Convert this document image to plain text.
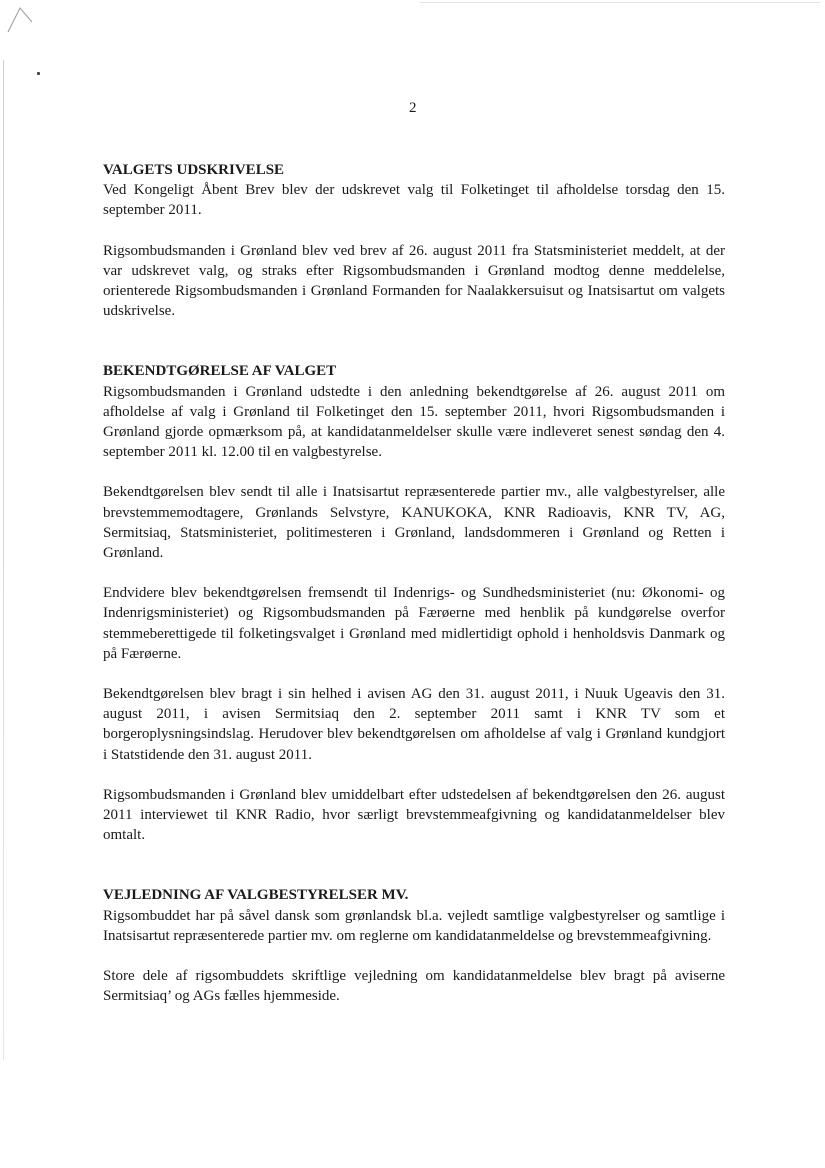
2
VALGETS UDSKRIVELSE

Ved Kongeligt Åbent Brev blev der udskrevet valg til Folketinget til afholdelse torsdag den 15. september 2011.

Rigsombudsmanden i Grønland blev ved brev af 26. august 2011 fra Statsministeriet meddelt, at der var udskrevet valg, og straks efter Rigsombudsmanden i Grønland modtog denne meddelelse, orienterede Rigsombudsmanden i Grønland Formanden for Naalakkersuisut og Inatsisartut om valgets udskrivelse.

BEKENDTGØRELSE AF VALGET

Rigsombudsmanden i Grønland udstedte i den anledning bekendtgørelse af 26. august 2011 om afholdelse af valg i Grønland til Folketinget den 15. september 2011, hvori Rigsombudsmanden i Grønland gjorde opmærksom på, at kandidatanmeldelser skulle være indleveret senest søndag den 4. september 2011 kl. 12.00 til en valgbestyrelse.

Bekendtgørelsen blev sendt til alle i Inatsisartut repræsenterede partier mv., alle valgbestyrelser, alle brevstemmemodtagere, Grønlands Selvstyre, KANUKOKA, KNR Radioavis, KNR TV, AG, Sermitsiaq, Statsministeriet, politimesteren i Grønland, landsdommeren i Grønland og Retten i Grønland.

Endvidere blev bekendtgørelsen fremsendt til Indenrigs- og Sundhedsministeriet (nu: Økonomi- og Indenrigsministeriet) og Rigsombudsmanden på Færøerne med henblik på kundgørelse overfor stemmeberettigede til folketingsvalget i Grønland med midlertidigt ophold i henholdsvis Danmark og på Færøerne.

Bekendtgørelsen blev bragt i sin helhed i avisen AG den 31. august 2011, i Nuuk Ugeavis den 31. august 2011, i avisen Sermitsiaq den 2. september 2011 samt i KNR TV som et borgeroplysningsindslag. Herudover blev bekendtgørelsen om afholdelse af valg i Grønland kundgjort i Statstidende den 31. august 2011.

Rigsombudsmanden i Grønland blev umiddelbart efter udstedelsen af bekendtgørelsen den 26. august 2011 interviewet til KNR Radio, hvor særligt brevstemmeafgivning og kandidatanmeldelser blev omtalt.

VEJLEDNING AF VALGBESTYRELSER MV.

Rigsombuddet har på såvel dansk som grønlandsk bl.a. vejledt samtlige valgbestyrelser og samtlige i Inatsisartut repræsenterede partier mv. om reglerne om kandidatanmeldelse og brevstemmeafgivning.

Store dele af rigsombuddets skriftlige vejledning om kandidatanmeldelse blev bragt på aviserne Sermitsiaq’ og AGs fælles hjemmeside.
